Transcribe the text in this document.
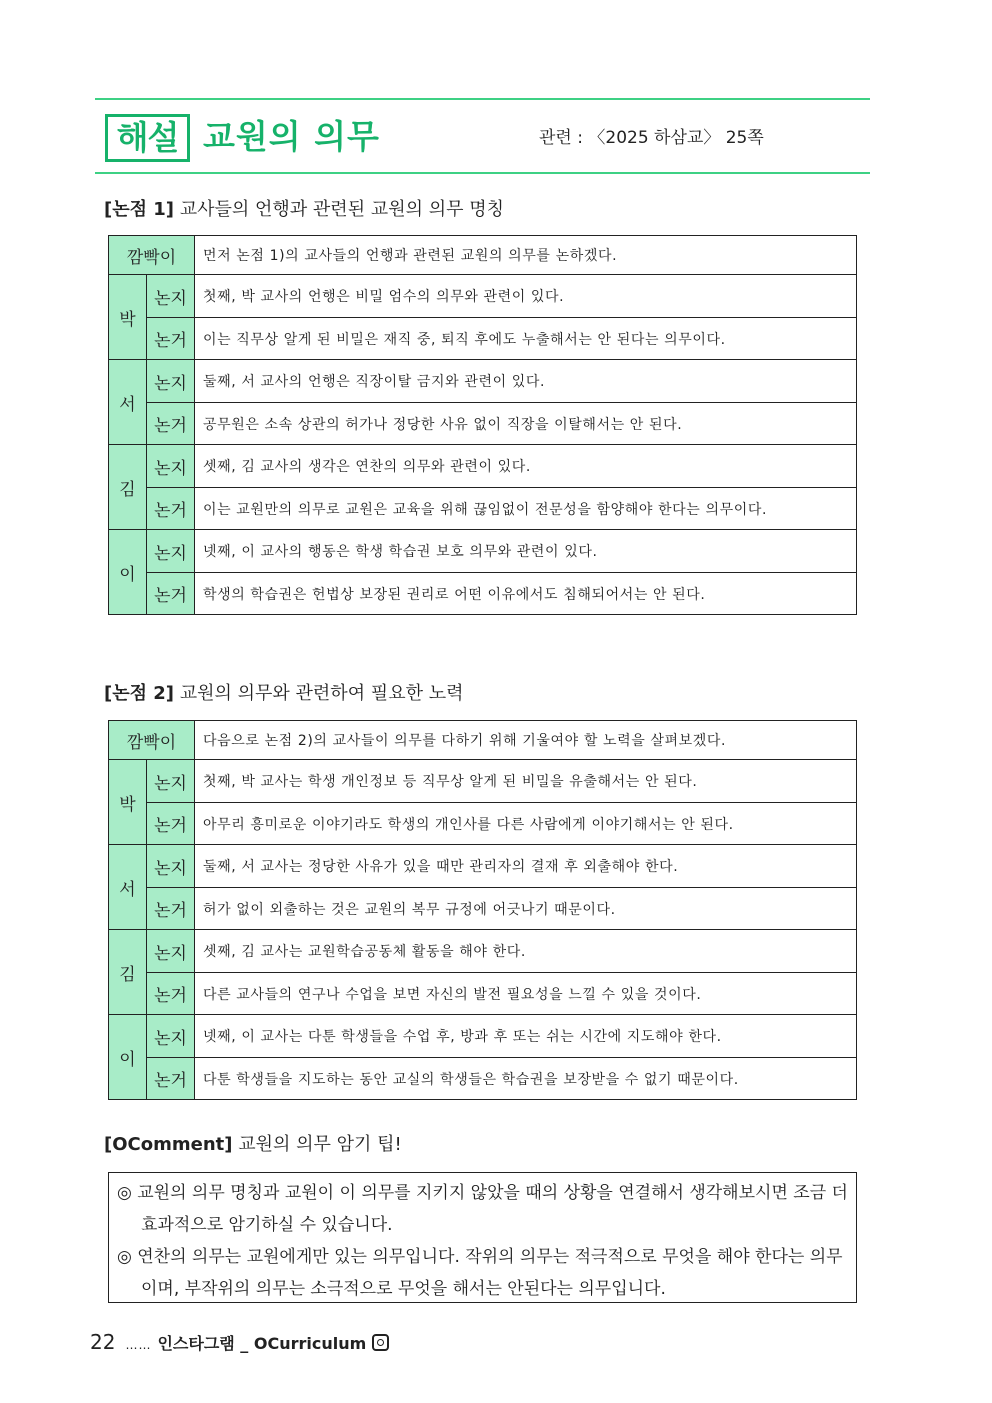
해설 교원의 의무	관련 : 〈2025 하삼교〉 25쪽
[논점 1] 교사들의 언행과 관련된 교원의 의무 명칭
깜빡이		먼저 논점 1)의 교사들의 언행과 관련된 교원의 의무를 논하겠다.
박	논지	첫째, 박 교사의 언행은 비밀 엄수의 의무와 관련이 있다.
	논거	이는 직무상 알게 된 비밀은 재직 중, 퇴직 후에도 누출해서는 안 된다는 의무이다.
서	논지	둘째, 서 교사의 언행은 직장이탈 금지와 관련이 있다.
	논거	공무원은 소속 상관의 허가나 정당한 사유 없이 직장을 이탈해서는 안 된다.
김	논지	셋째, 김 교사의 생각은 연찬의 의무와 관련이 있다.
	논거	이는 교원만의 의무로 교원은 교육을 위해 끊임없이 전문성을 함양해야 한다는 의무이다.
이	논지	넷째, 이 교사의 행동은 학생 학습권 보호 의무와 관련이 있다.
	논거	학생의 학습권은 헌법상 보장된 권리로 어떤 이유에서도 침해되어서는 안 된다.
[논점 2] 교원의 의무와 관련하여 필요한 노력
깜빡이		다음으로 논점 2)의 교사들이 의무를 다하기 위해 기울여야 할 노력을 살펴보겠다.
박	논지	첫째, 박 교사는 학생 개인정보 등 직무상 알게 된 비밀을 유출해서는 안 된다.
	논거	아무리 흥미로운 이야기라도 학생의 개인사를 다른 사람에게 이야기해서는 안 된다.
서	논지	둘째, 서 교사는 정당한 사유가 있을 때만 관리자의 결재 후 외출해야 한다.
	논거	허가 없이 외출하는 것은 교원의 복무 규정에 어긋나기 때문이다.
김	논지	셋째, 김 교사는 교원학습공동체 활동을 해야 한다.
	논거	다른 교사들의 연구나 수업을 보면 자신의 발전 필요성을 느낄 수 있을 것이다.
이	논지	넷째, 이 교사는 다툰 학생들을 수업 후, 방과 후 또는 쉬는 시간에 지도해야 한다.
	논거	다툰 학생들을 지도하는 동안 교실의 학생들은 학습권을 보장받을 수 없기 때문이다.
[OComment] 교원의 의무 암기 팁!

◎ 교원의 의무 명칭과 교원이 이 의무를 지키지 않았을 때의 상황을 연결해서 생각해보시면 조금 더 효과적으로 암기하실 수 있습니다.

◎ 연찬의 의무는 교원에게만 있는 의무입니다. 작위의 의무는 적극적으로 무엇을 해야 한다는 의무이며, 부작위의 의무는 소극적으로 무엇을 해서는 안된다는 의무입니다.

22 …… 인스타그램 _ OCurriculum
